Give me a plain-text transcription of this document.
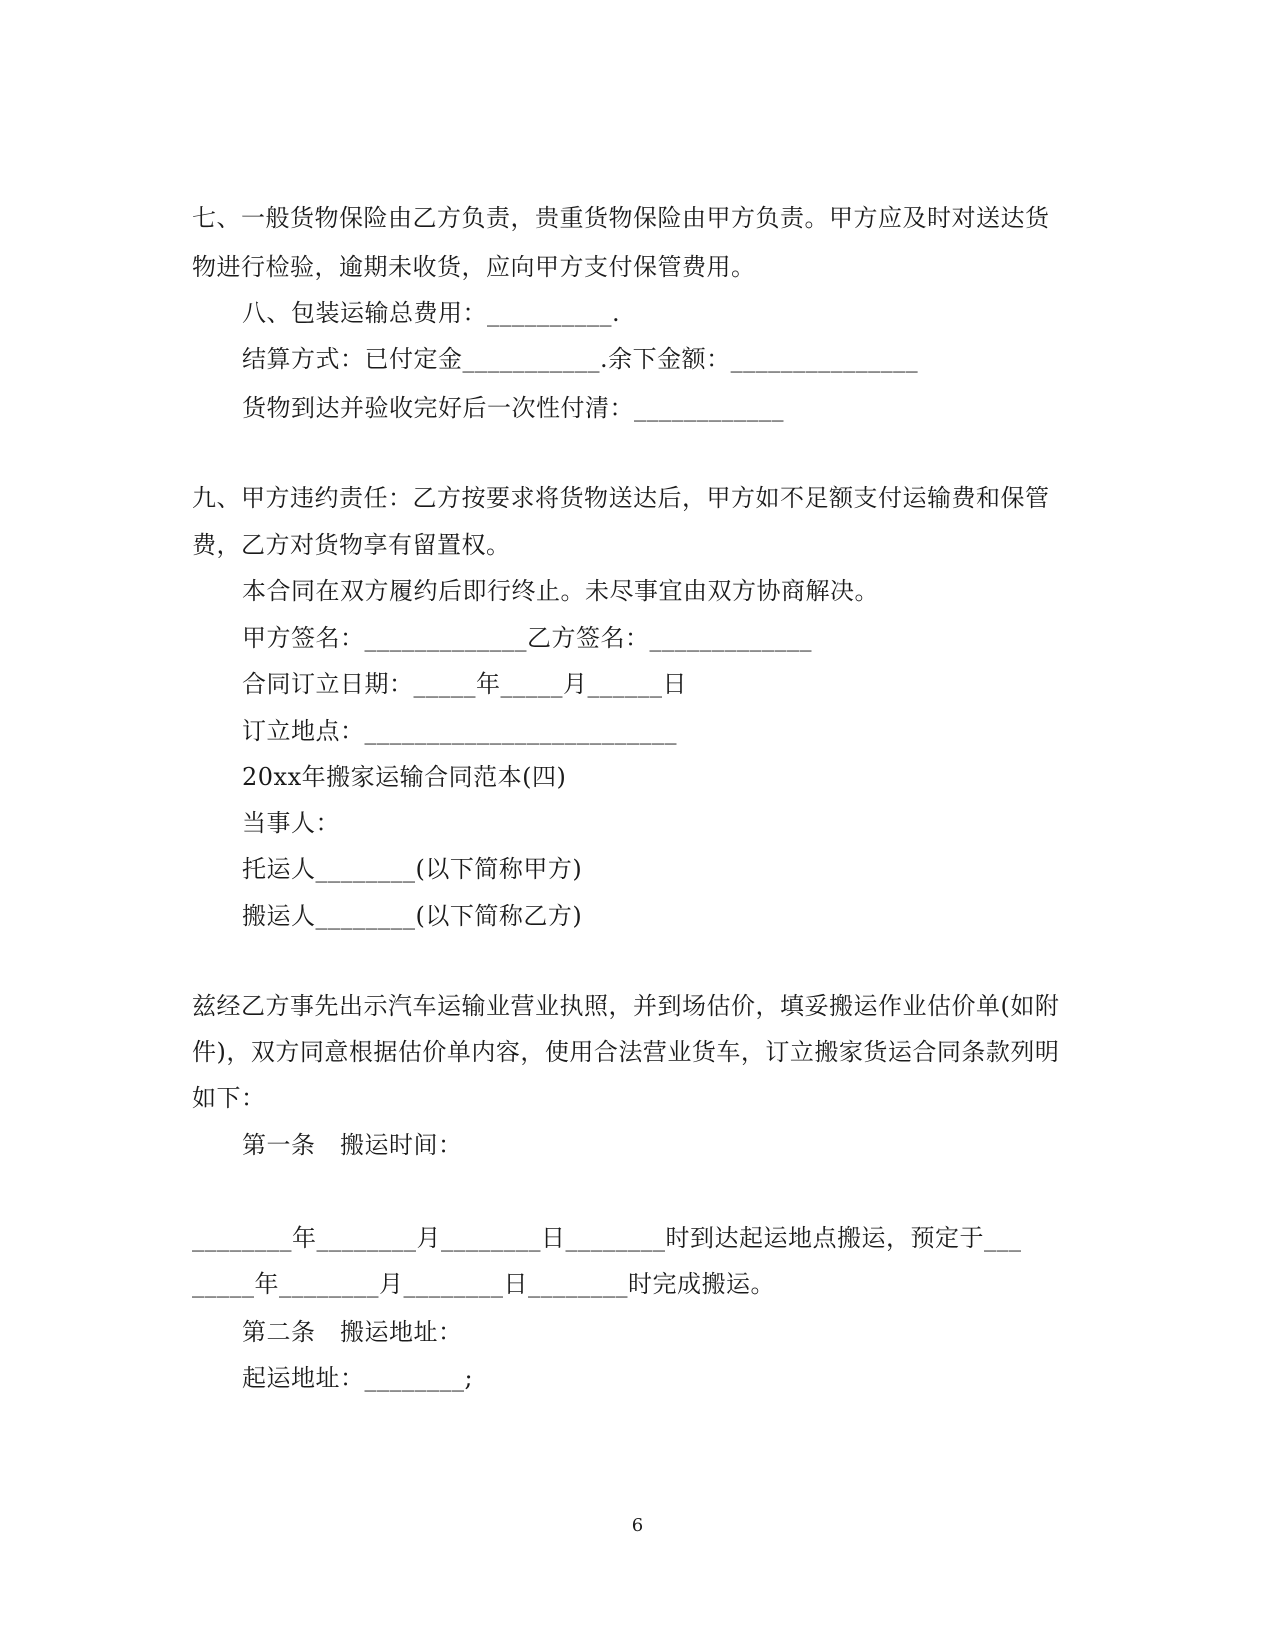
七、一般货物保险由乙方负责，贵重货物保险由甲方负责。甲方应及时对送达货
物进行检验，逾期未收货，应向甲方支付保管费用。
八、包装运输总费用：__________.
结算方式：已付定金___________.余下金额：_______________
货物到达并验收完好后一次性付清：____________
九、甲方违约责任：乙方按要求将货物送达后，甲方如不足额支付运输费和保管
费，乙方对货物享有留置权。
本合同在双方履约后即行终止。未尽事宜由双方协商解决。
甲方签名：_____________乙方签名：_____________
合同订立日期：_____年_____月______日
订立地点：_________________________
20xx年搬家运输合同范本(四)
当事人：
托运人________(以下简称甲方)
搬运人________(以下简称乙方)
兹经乙方事先出示汽车运输业营业执照，并到场估价，填妥搬运作业估价单(如附
件)，双方同意根据估价单内容，使用合法营业货车，订立搬家货运合同条款列明
如下：
第一条　搬运时间：
________年________月________日________时到达起运地点搬运，预定于___
_____年________月________日________时完成搬运。
第二条　搬运地址：
起运地址：________;
6
